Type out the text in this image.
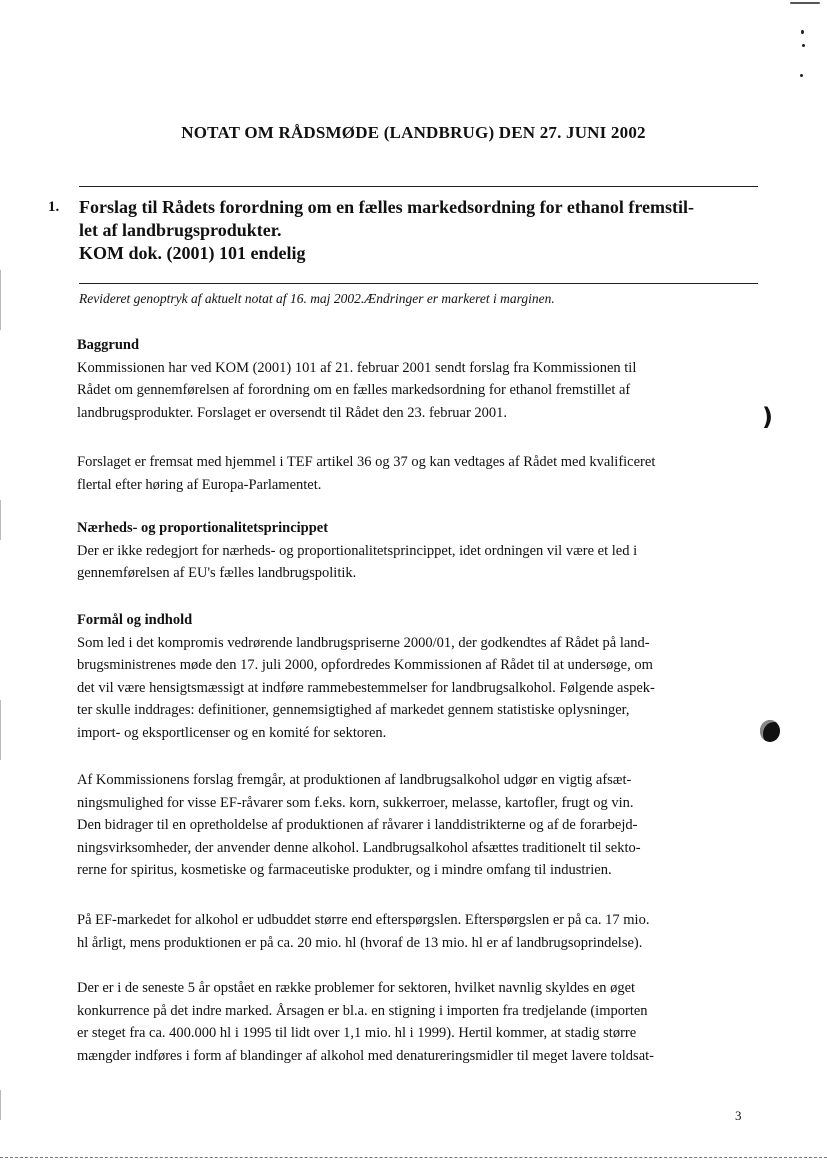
NOTAT OM RÅDSMØDE (LANDBRUG) DEN 27. JUNI 2002
1. Forslag til Rådets forordning om en fælles markedsordning for ethanol fremstil-
let af landbrugsprodukter.
KOM dok. (2001) 101 endelig
Revideret genoptryk af aktuelt notat af 16. maj 2002.Ændringer er markeret i marginen.
Baggrund

Kommissionen har ved KOM (2001) 101 af 21. februar 2001 sendt forslag fra Kommissionen til
Rådet om gennemførelsen af forordning om en fælles markedsordning for ethanol fremstillet af
landbrugsprodukter. Forslaget er oversendt til Rådet den 23. februar 2001.

Forslaget er fremsat med hjemmel i TEF artikel 36 og 37 og kan vedtages af Rådet med kvalificeret
flertal efter høring af Europa-Parlamentet.

Nærheds- og proportionalitetsprincippet

Der er ikke redegjort for nærheds- og proportionalitetsprincippet, idet ordningen vil være et led i
gennemførelsen af EU's fælles landbrugspolitik.

Formål og indhold

Som led i det kompromis vedrørende landbrugspriserne 2000/01, der godkendtes af Rådet på land-
brugsministrenes møde den 17. juli 2000, opfordredes Kommissionen af Rådet til at undersøge, om
det vil være hensigtsmæssigt at indføre rammebestemmelser for landbrugsalkohol. Følgende aspek-
ter skulle inddrages: definitioner, gennemsigtighed af markedet gennem statistiske oplysninger,
import- og eksportlicenser og en komité for sektoren.

Af Kommissionens forslag fremgår, at produktionen af landbrugsalkohol udgør en vigtig afsæt-
ningsmulighed for visse EF-råvarer som f.eks. korn, sukkerroer, melasse, kartofler, frugt og vin.
Den bidrager til en opretholdelse af produktionen af råvarer i landdistrikterne og af de forarbejd-
ningsvirksomheder, der anvender denne alkohol. Landbrugsalkohol afsættes traditionelt til sekto-
rerne for spiritus, kosmetiske og farmaceutiske produkter, og i mindre omfang til industrien.

På EF-markedet for alkohol er udbuddet større end efterspørgslen. Efterspørgslen er på ca. 17 mio.
hl årligt, mens produktionen er på ca. 20 mio. hl (hvoraf de 13 mio. hl er af landbrugsoprindelse).

Der er i de seneste 5 år opstået en række problemer for sektoren, hvilket navnlig skyldes en øget
konkurrence på det indre marked. Årsagen er bl.a. en stigning i importen fra tredjelande (importen
er steget fra ca. 400.000 hl i 1995 til lidt over 1,1 mio. hl i 1999). Hertil kommer, at stadig større
mængder indføres i form af blandinger af alkohol med denatureringsmidler til meget lavere toldsat-

3
)
